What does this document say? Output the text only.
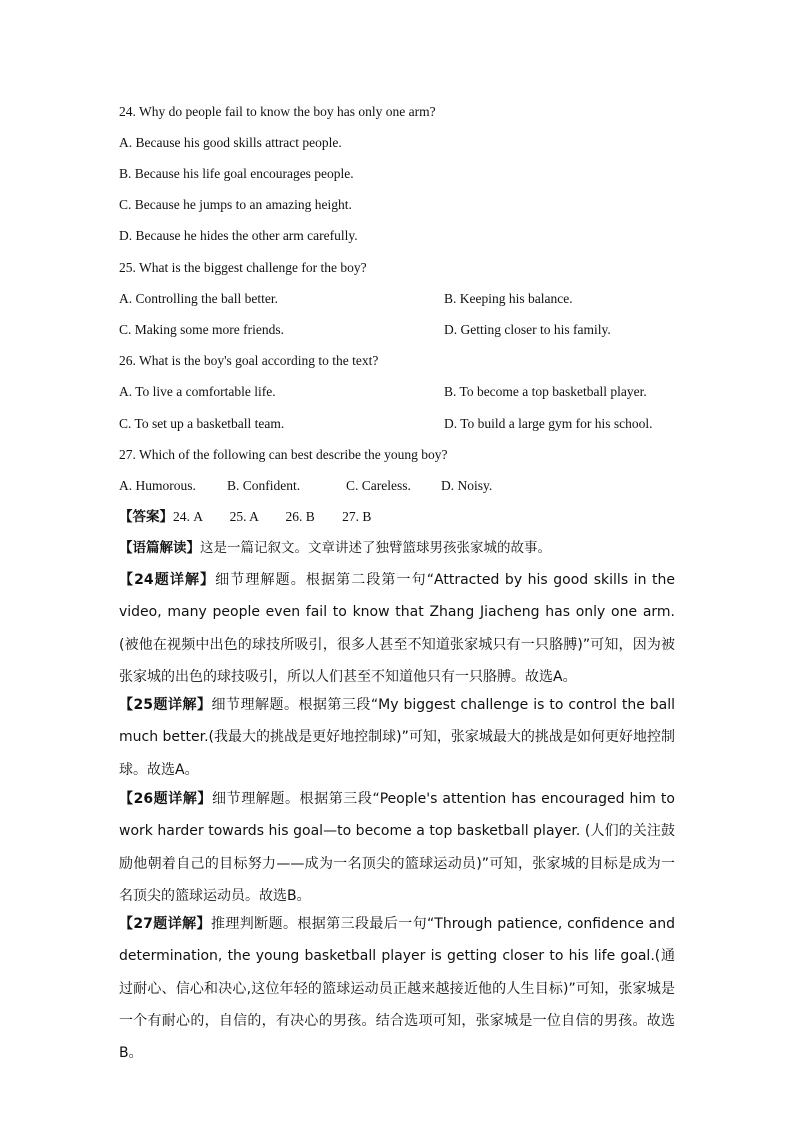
24. Why do people fail to know the boy has only one arm?
A. Because his good skills attract people.
B. Because his life goal encourages people.
C. Because he jumps to an amazing height.
D. Because he hides the other arm carefully.
25. What is the biggest challenge for the boy?
A. Controlling the ball better.	B. Keeping his balance.
C. Making some more friends.	D. Getting closer to his family.
26. What is the boy's goal according to the text?
A. To live a comfortable life.	B. To become a top basketball player.
C. To set up a basketball team.	D. To build a large gym for his school.
27. Which of the following can best describe the young boy?
A. Humorous. B. Confident.	C. Careless. D. Noisy.
【答案】24. A 25. A 26. B 27. B
【语篇解读】这是一篇记叙文。文章讲述了独臂篮球男孩张家城的故事。
【24题详解】细节理解题。根据第二段第一句“Attracted by his good skills in the video, many people even fail to know that Zhang Jiacheng has only one arm.(被他在视频中出色的球技所吸引，很多人甚至不知道张家城只有一只胳膊)”可知，因为被张家城的出色的球技吸引，所以人们甚至不知道他只有一只胳膊。故选A。
【25题详解】细节理解题。根据第三段“My biggest challenge is to control the ball much better.(我最大的挑战是更好地控制球)”可知，张家城最大的挑战是如何更好地控制球。故选A。
【26题详解】细节理解题。根据第三段“People's attention has encouraged him to work harder towards his goal—to become a top basketball player. (人们的关注鼓励他朝着自己的目标努力——成为一名顶尖的篮球运动员)”可知，张家城的目标是成为一名顶尖的篮球运动员。故选B。
【27题详解】推理判断题。根据第三段最后一句“Through patience, confidence and determination, the young basketball player is getting closer to his life goal.(通过耐心、信心和决心,这位年轻的篮球运动员正越来越接近他的人生目标)”可知，张家城是一个有耐心的，自信的，有决心的男孩。结合选项可知，张家城是一位自信的男孩。故选B。
